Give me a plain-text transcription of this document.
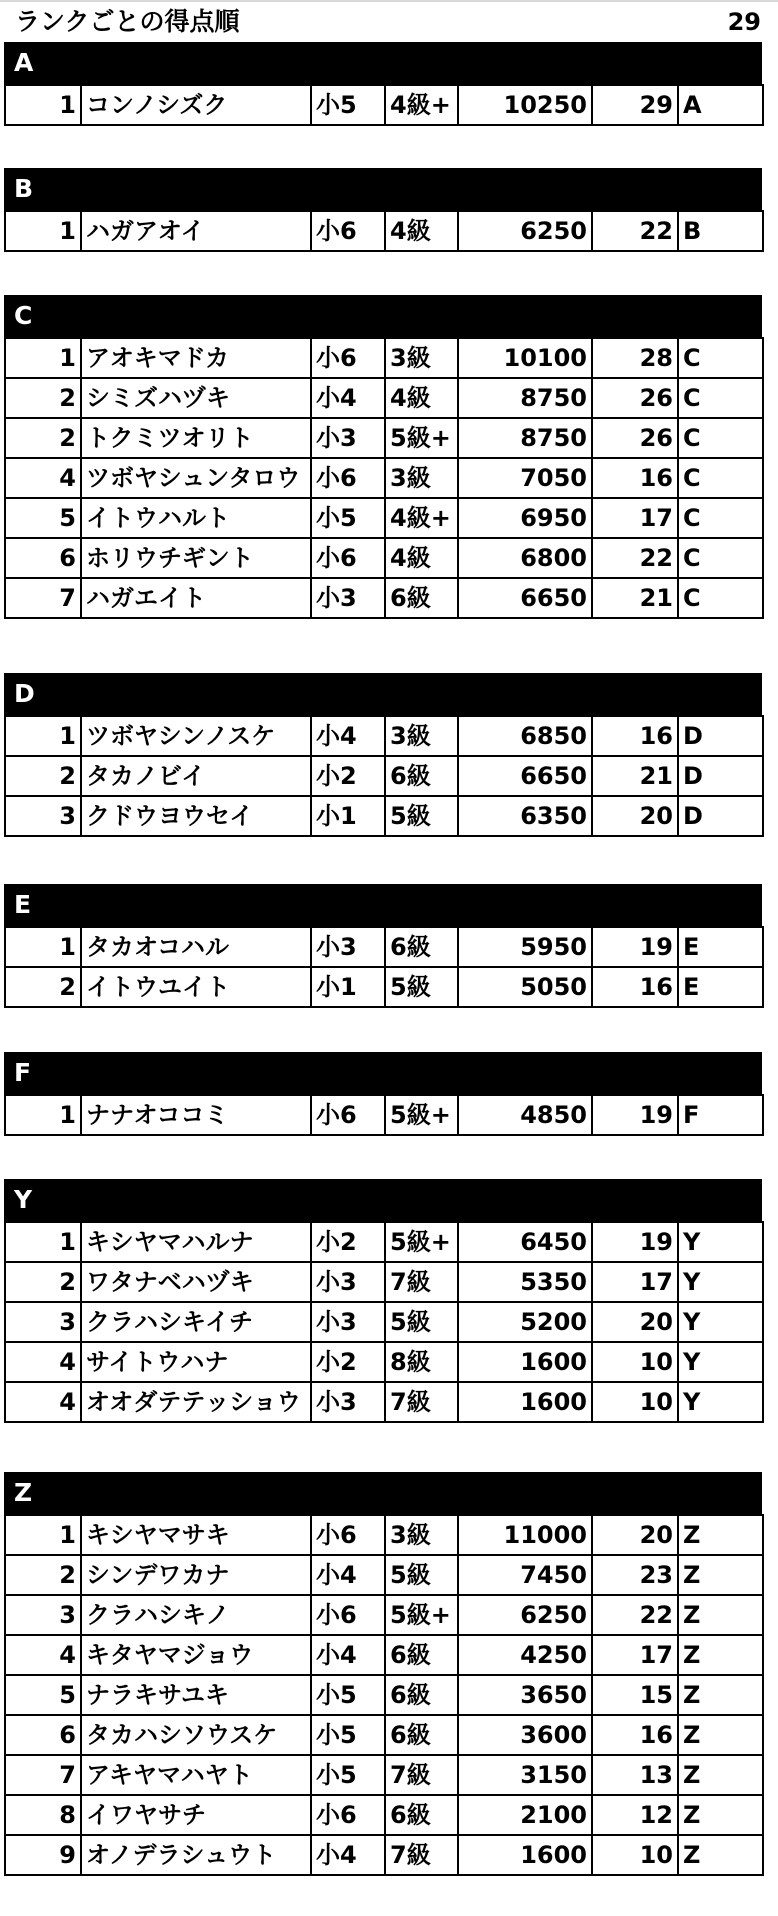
ランクごとの得点順	29
A
1	コンノシズク	小5	4級+	10250	29	A
B
1	ハガアオイ	小6	4級	6250	22	B
C
1	アオキマドカ	小6	3級	10100	28	C
2	シミズハヅキ	小4	4級	8750	26	C
2	トクミツオリト	小3	5級+	8750	26	C
4	ツボヤシュンタロウ	小6	3級	7050	16	C
5	イトウハルト	小5	4級+	6950	17	C
6	ホリウチギント	小6	4級	6800	22	C
7	ハガエイト	小3	6級	6650	21	C
D
1	ツボヤシンノスケ	小4	3級	6850	16	D
2	タカノビイ	小2	6級	6650	21	D
3	クドウヨウセイ	小1	5級	6350	20	D
E
1	タカオコハル	小3	6級	5950	19	E
2	イトウユイト	小1	5級	5050	16	E
F
1	ナナオココミ	小6	5級+	4850	19	F
Y
1	キシヤマハルナ	小2	5級+	6450	19	Y
2	ワタナベハヅキ	小3	7級	5350	17	Y
3	クラハシキイチ	小3	5級	5200	20	Y
4	サイトウハナ	小2	8級	1600	10	Y
4	オオダテテッショウ	小3	7級	1600	10	Y
Z
1	キシヤマサキ	小6	3級	11000	20	Z
2	シンデワカナ	小4	5級	7450	23	Z
3	クラハシキノ	小6	5級+	6250	22	Z
4	キタヤマジョウ	小4	6級	4250	17	Z
5	ナラキサユキ	小5	6級	3650	15	Z
6	タカハシソウスケ	小5	6級	3600	16	Z
7	アキヤマハヤト	小5	7級	3150	13	Z
8	イワヤサチ	小6	6級	2100	12	Z
9	オノデラシュウト	小4	7級	1600	10	Z
